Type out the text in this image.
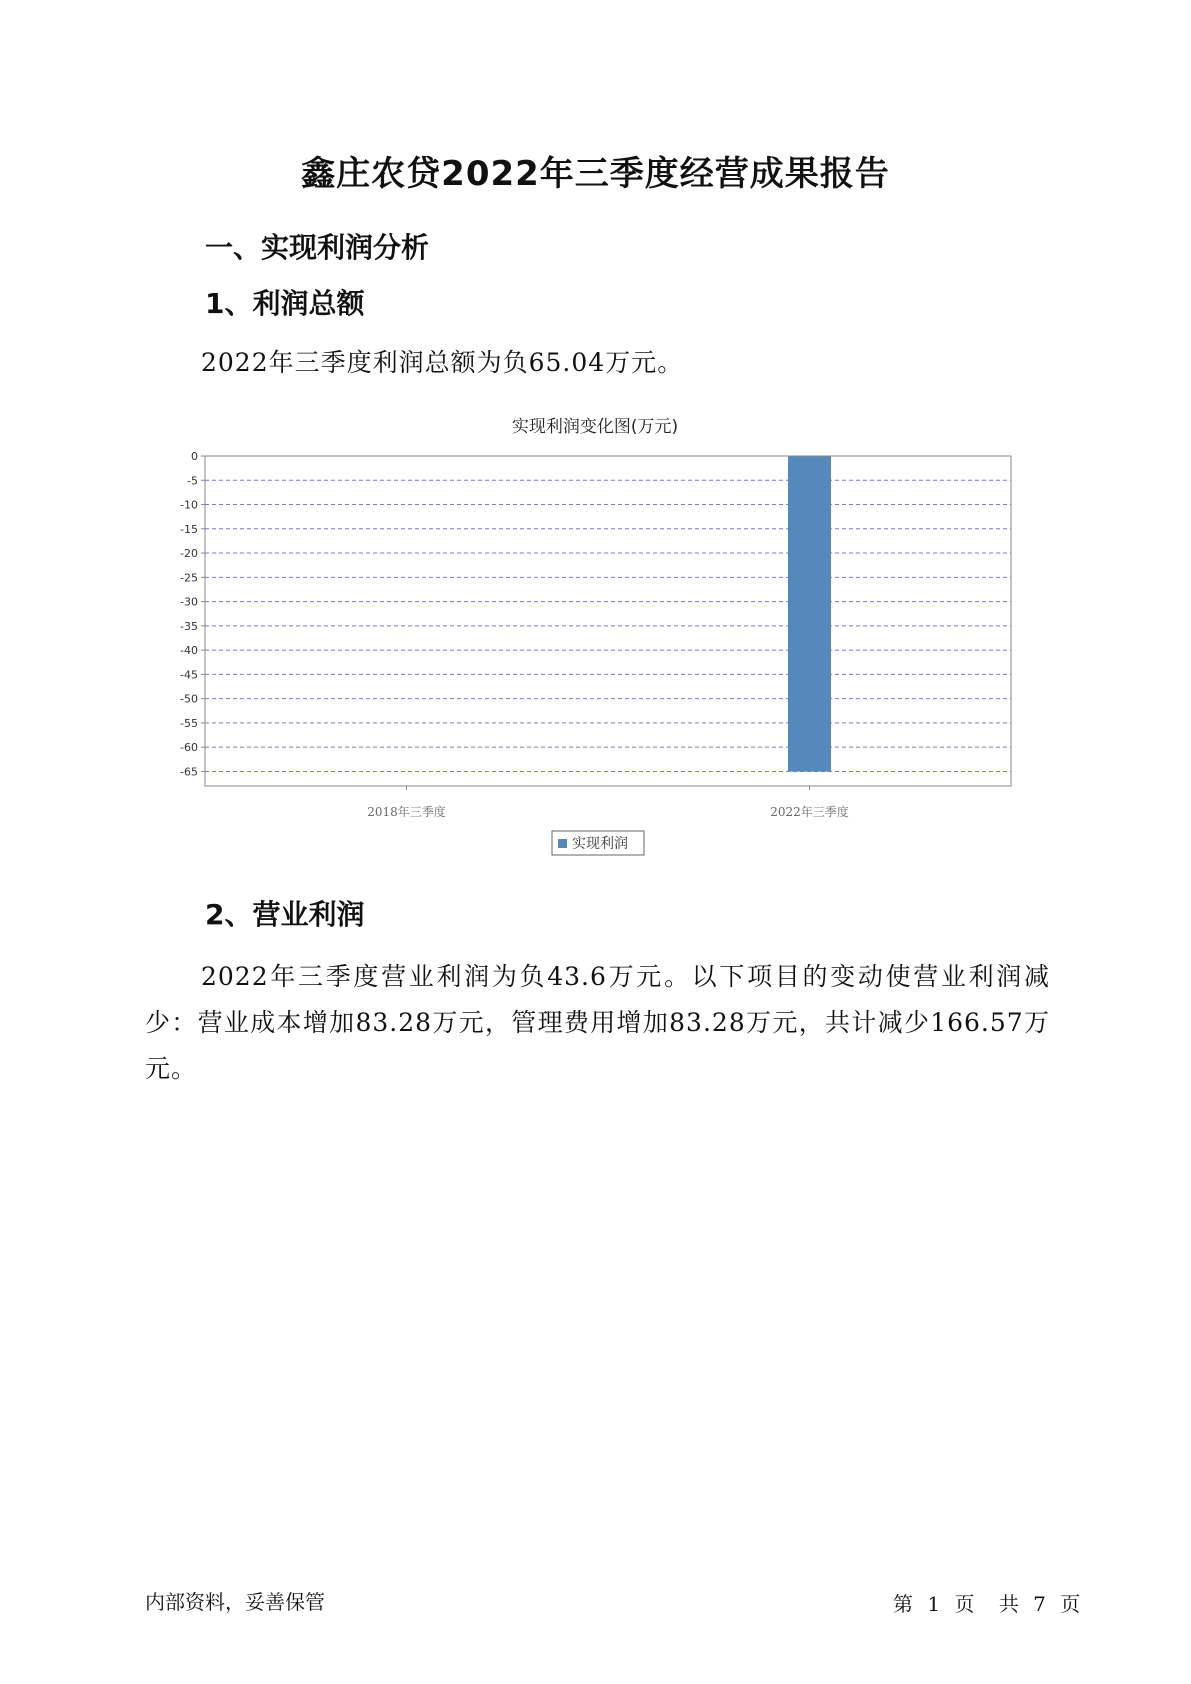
鑫庄农贷2022年三季度经营成果报告
一、实现利润分析
1、利润总额
2022年三季度利润总额为负65.04万元。
实现利润变化图(万元)
0
-5
-10
-15
-20
-25
-30
-35
-40
-45
-50
-55
-60
-65
2018年三季度	2022年三季度
实现利润
2、营业利润
2022年三季度营业利润为负43.6万元。以下项目的变动使营业利润减少：营业成本增加83.28万元，管理费用增加83.28万元，共计减少166.57万元。
内部资料，妥善保管	第 1 页 共 7 页
